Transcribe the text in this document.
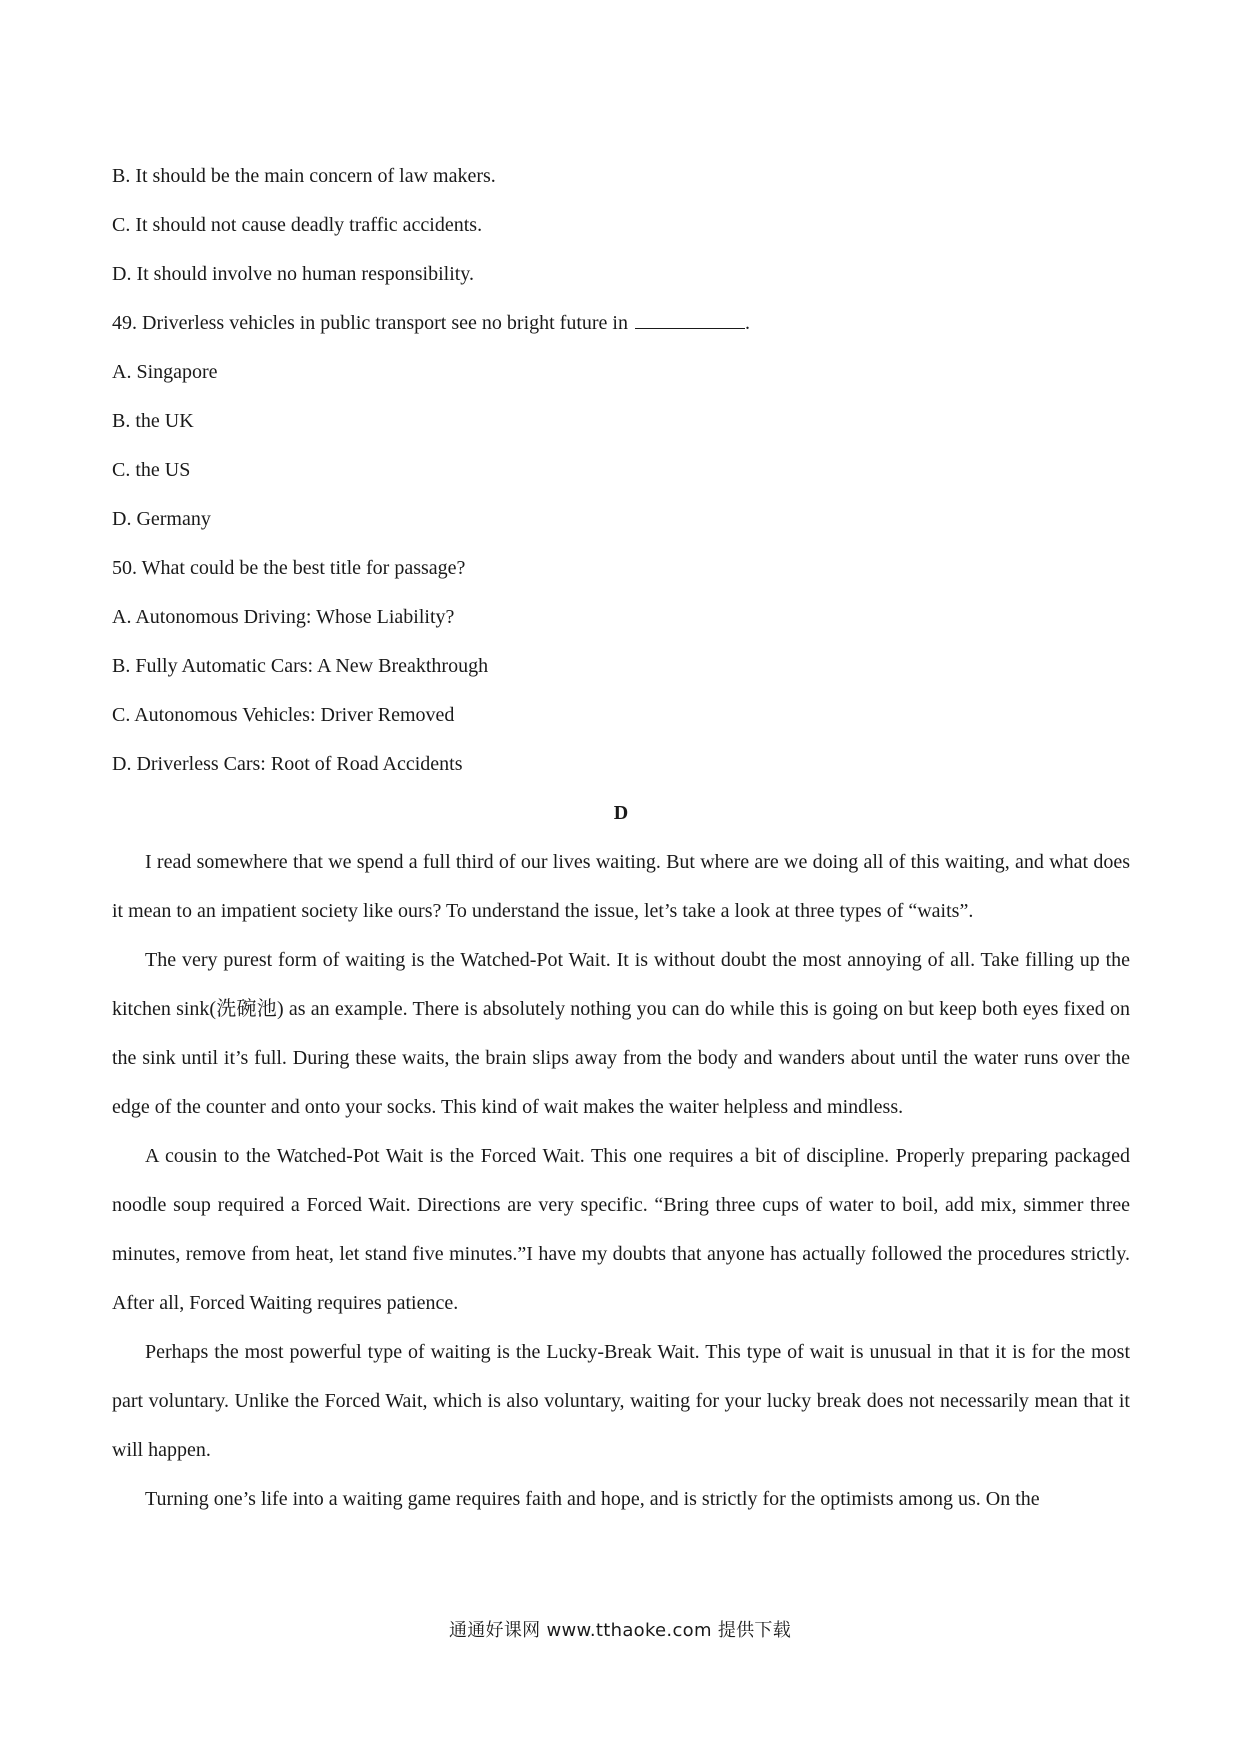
B. It should be the main concern of law makers.
C. It should not cause deadly traffic accidents.
D. It should involve no human responsibility.
49. Driverless vehicles in public transport see no bright future in	.
A. Singapore
B. the UK
C. the US
D. Germany
50. What could be the best title for passage?
A. Autonomous Driving: Whose Liability?
B. Fully Automatic Cars: A New Breakthrough
C. Autonomous Vehicles: Driver Removed
D. Driverless Cars: Root of Road Accidents
D

I read somewhere that we spend a full third of our lives waiting. But where are we doing all of this waiting, and what does it mean to an impatient society like ours? To understand the issue, let’s take a look at three types of “waits”.

The very purest form of waiting is the Watched-Pot Wait. It is without doubt the most annoying of all. Take filling up the kitchen sink(洗碗池) as an example. There is absolutely nothing you can do while this is going on but keep both eyes fixed on the sink until it’s full. During these waits, the brain slips away from the body and wanders about until the water runs over the edge of the counter and onto your socks. This kind of wait makes the waiter helpless and mindless.

A cousin to the Watched-Pot Wait is the Forced Wait. This one requires a bit of discipline. Properly preparing packaged noodle soup required a Forced Wait. Directions are very specific. “Bring three cups of water to boil, add mix, simmer three minutes, remove from heat, let stand five minutes.”I have my doubts that anyone has actually followed the procedures strictly. After all, Forced Waiting requires patience.

Perhaps the most powerful type of waiting is the Lucky-Break Wait. This type of wait is unusual in that it is for the most part voluntary. Unlike the Forced Wait, which is also voluntary, waiting for your lucky break does not necessarily mean that it will happen.

Turning one’s life into a waiting game requires faith and hope, and is strictly for the optimists among us. On the

通通好课网 www.tthaoke.com 提供下载
